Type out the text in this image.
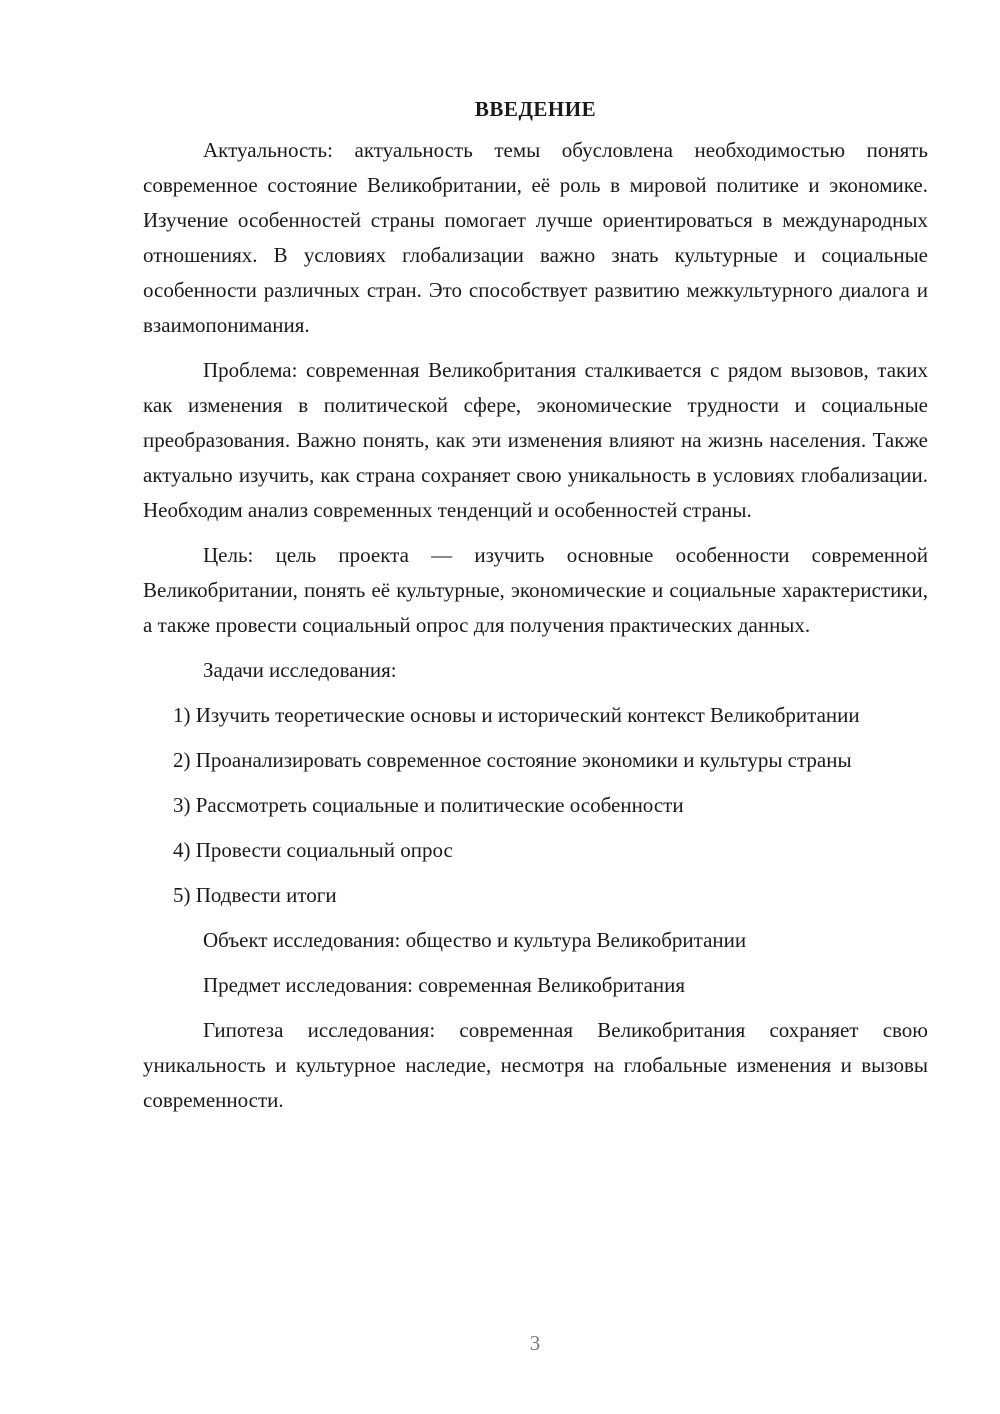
ВВЕДЕНИЕ

Актуальность: актуальность темы обусловлена необходимостью понять современное состояние Великобритании, её роль в мировой политике и экономике. Изучение особенностей страны помогает лучше ориентироваться в международных отношениях. В условиях глобализации важно знать культурные и социальные особенности различных стран. Это способствует развитию межкультурного диалога и взаимопонимания.

Проблема: современная Великобритания сталкивается с рядом вызовов, таких как изменения в политической сфере, экономические трудности и социальные преобразования. Важно понять, как эти изменения влияют на жизнь населения. Также актуально изучить, как страна сохраняет свою уникальность в условиях глобализации. Необходим анализ современных тенденций и особенностей страны.

Цель: цель проекта — изучить основные особенности современной Великобритании, понять её культурные, экономические и социальные характеристики, а также провести социальный опрос для получения практических данных.

Задачи исследования:

1) Изучить теоретические основы и исторический контекст Великобритании

2) Проанализировать современное состояние экономики и культуры страны

3) Рассмотреть социальные и политические особенности

4) Провести социальный опрос

5) Подвести итоги

Объект исследования: общество и культура Великобритании

Предмет исследования: современная Великобритания

Гипотеза исследования: современная Великобритания сохраняет свою уникальность и культурное наследие, несмотря на глобальные изменения и вызовы современности.

3
